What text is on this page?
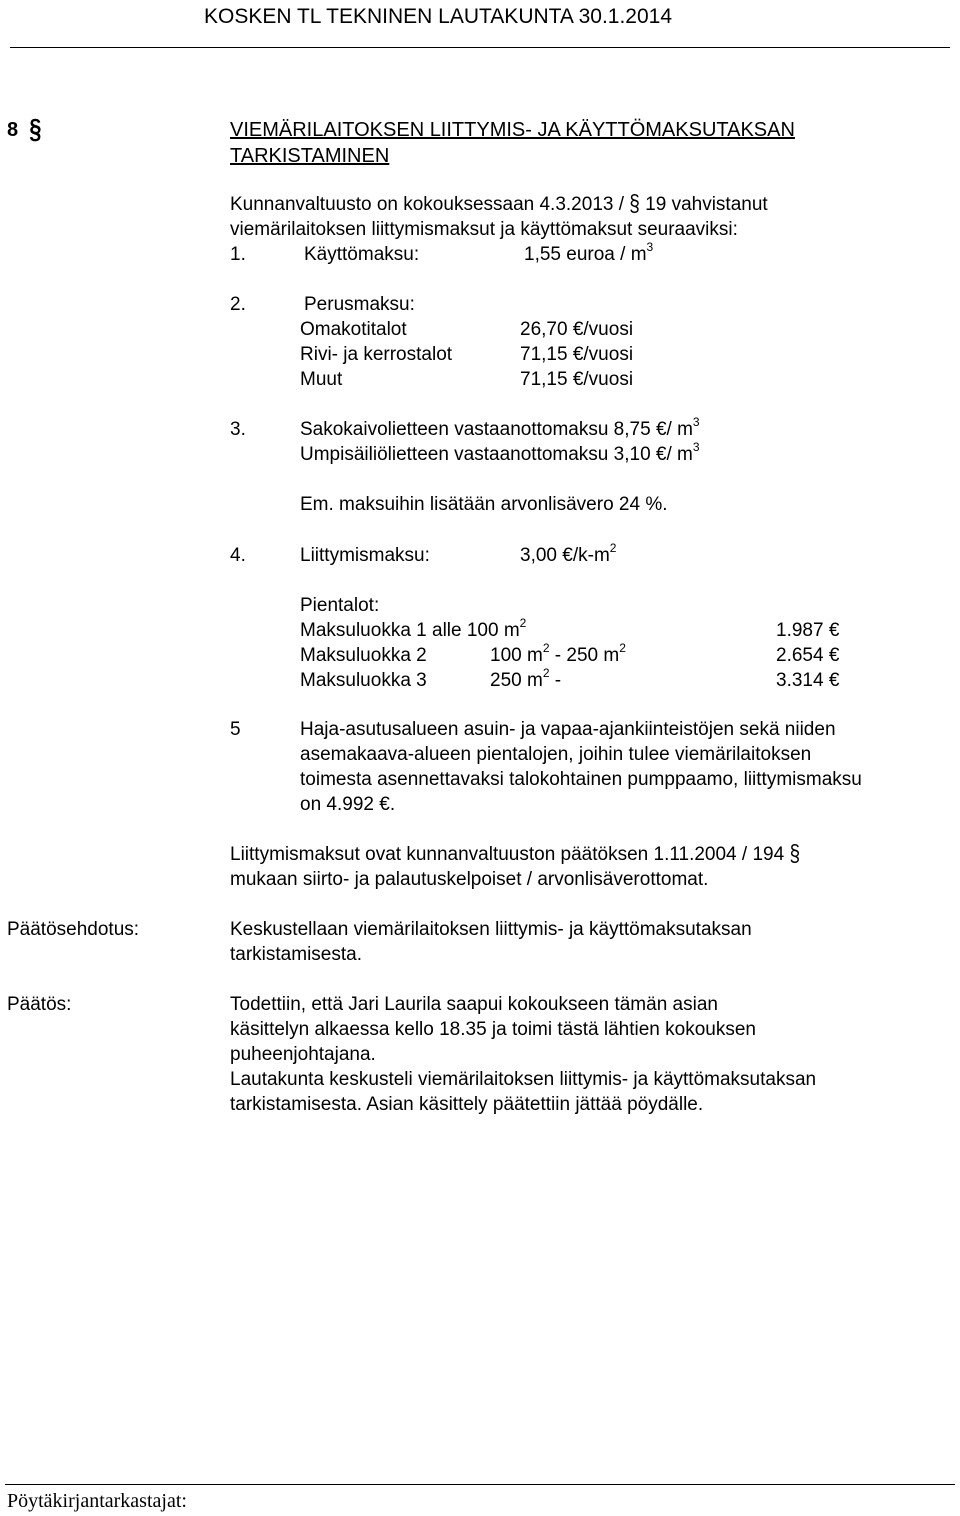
KOSKEN TL TEKNINEN LAUTAKUNTA 30.1.2014
8 §	VIEMÄRILAITOKSEN LIITTYMIS- JA KÄYTTÖMAKSUTAKSAN
TARKISTAMINEN
Kunnanvaltuusto on kokouksessaan 4.3.2013 / § 19 vahvistanut
viemärilaitoksen liittymismaksut ja käyttömaksut seuraaviksi:
1.	Käyttömaksu:	1,55 euroa / $m^3$
2.	Perusmaksu:
Omakotitalot	26,70 €/vuosi
Rivi- ja kerrostalot	71,15 €/vuosi
Muut	71,15 €/vuosi
3.	Sakokaivolietteen vastaanottomaksu 8,75 €/ $m^3$
Umpisäiliölietteen vastaanottomaksu 3,10 €/ $m^3$
Em. maksuihin lisätään arvonlisävero 24 %.
4.	Liittymismaksu:	3,00 $€/k-m^2$
Pientalot:
Maksuluokka 1 alle 100 $m^2$	1.987 €
Maksuluokka 2	100 $m^2 - 250$ $m^2$	2.654 €
Maksuluokka 3	250 $m^2$ -	3.314 €
5	Haja-asutusalueen asuin- ja vapaa-ajankiinteistöjen sekä niiden
asemakaava-alueen pientalojen, joihin tulee viemärilaitoksen
toimesta asennettavaksi talokohtainen pumppaamo, liittymismaksu
on 4.992 €.
Liittymismaksut ovat kunnanvaltuuston päätöksen 1.11.2004 / 194 §
mukaan siirto- ja palautuskelpoiset / arvonlisäverottomat.
Päätösehdotus:	Keskustellaan viemärilaitoksen liittymis- ja käyttömaksutaksan
tarkistamisesta.
Päätös:	Todettiin, että Jari Laurila saapui kokoukseen tämän asian
käsittelyn alkaessa kello 18.35 ja toimi tästä lähtien kokouksen
puheenjohtajana.
Lautakunta keskusteli viemärilaitoksen liittymis- ja käyttömaksutaksan
tarkistamisesta. Asian käsittely päätettiin jättää pöydälle.
Pöytäkirjantarkastajat:
